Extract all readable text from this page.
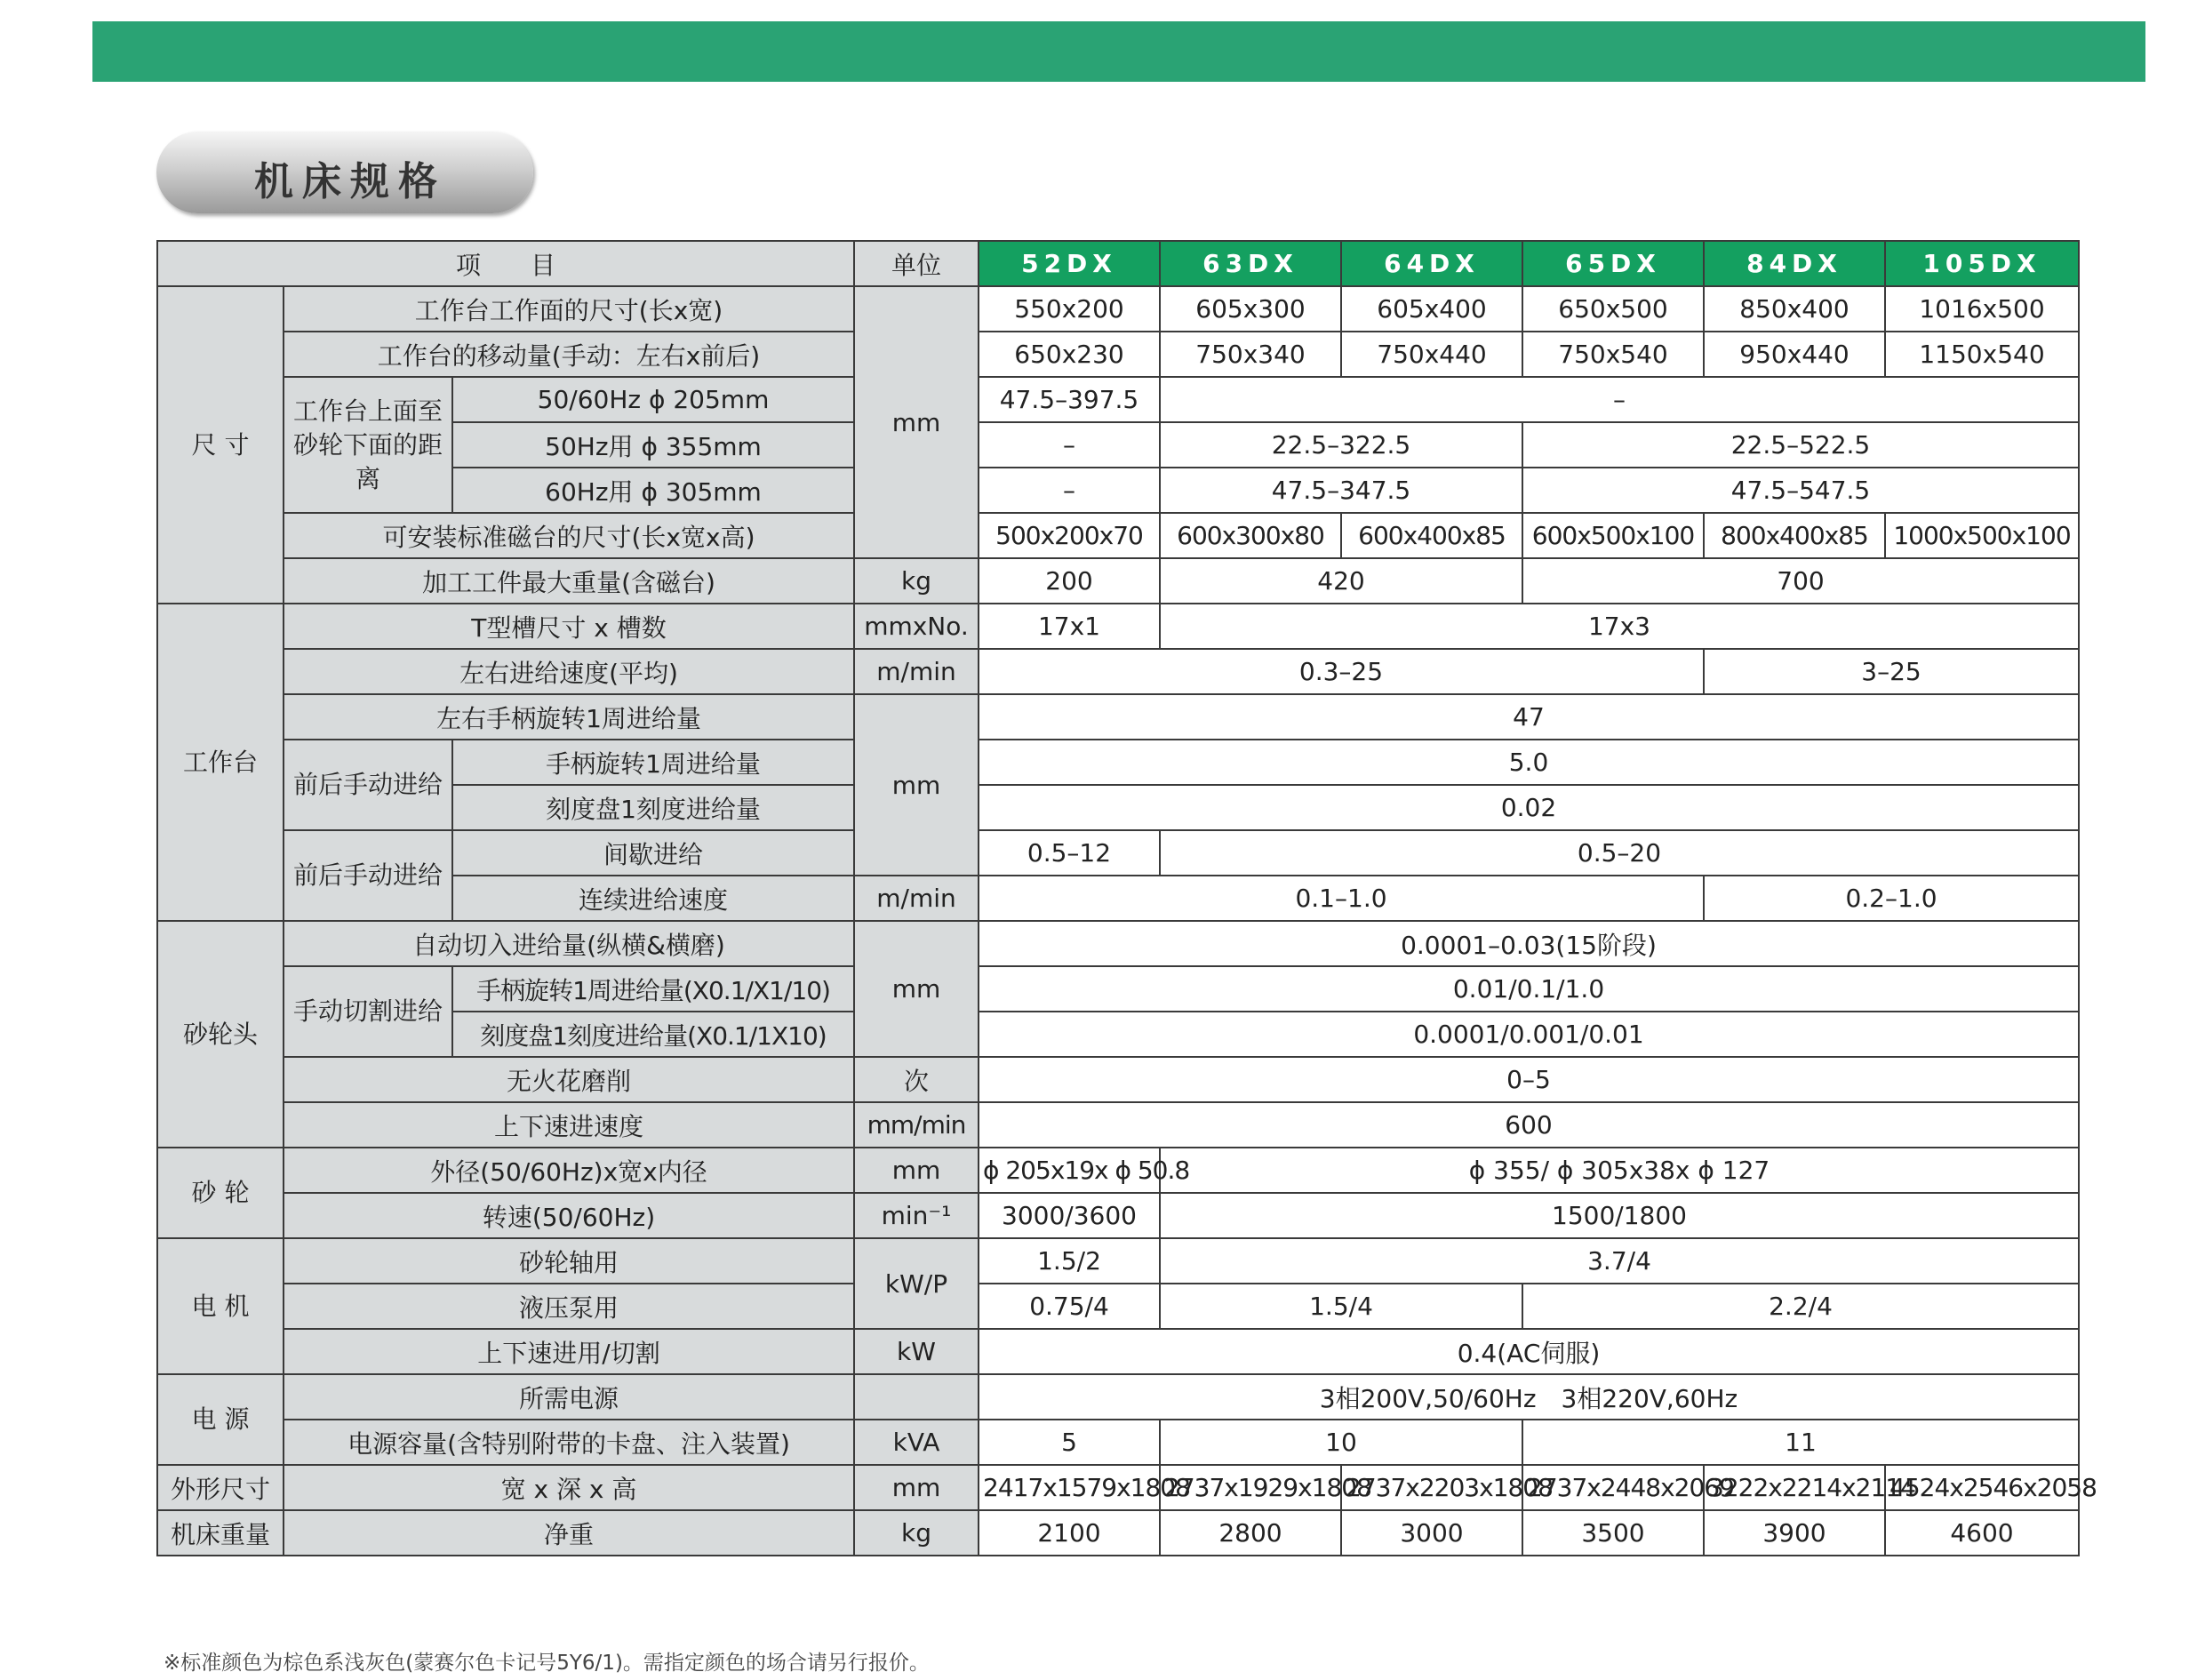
机床规格
项　　目			单位	52DX	63DX	64DX	65DX	84DX	105DX
尺 寸	工作台工作面的尺寸(长x宽)		mm	550x200	605x300	605x400	650x500	850x400	1016x500
	工作台的移动量(手动：左右x前后)			650x230	750x340	750x440	750x540	950x440	1150x540
	工作台上面至砂轮下面的距离	50/60Hz ϕ 205mm		47.5–397.5	–				
		50Hz用 ϕ 355mm		–	22.5–322.5		22.5–522.5		
		60Hz用 ϕ 305mm		–	47.5–347.5		47.5–547.5		
	可安装标准磁台的尺寸(长x宽x高)			500x200x70	600x300x80	600x400x85	600x500x100	800x400x85	1000x500x100
	加工工件最大重量(含磁台)		kg	200	420		700		
工作台	T型槽尺寸 x 槽数		mmxNo.	17x1	17x3				
	左右进给速度(平均)		m/min	0.3–25				3–25	
	左右手柄旋转1周进给量		mm	47					
	前后手动进给	手柄旋转1周进给量		5.0					
		刻度盘1刻度进给量		0.02					
	前后手动进给	间歇进给		0.5–12	0.5–20				
		连续进给速度	m/min	0.1–1.0				0.2–1.0	
砂轮头	自动切入进给量(纵横&横磨)		mm	0.0001–0.03(15阶段)					
	手动切割进给	手柄旋转1周进给量(X0.1/X1/10)		0.01/0.1/1.0					
		刻度盘1刻度进给量(X0.1/1X10)		0.0001/0.001/0.01					
	无火花磨削		次	0–5					
	上下速进速度		mm/min	600					
砂 轮	外径(50/60Hz)x宽x内径		mm	ϕ 205x19x ϕ 50.8	ϕ 355/ ϕ 305x38x ϕ 127				
	转速(50/60Hz)		min⁻¹	3000/3600	1500/1800				
电 机	砂轮轴用		kW/P	1.5/2	3.7/4				
	液压泵用			0.75/4	1.5/4		2.2/4		
	上下速进用/切割		kW	0.4(AC伺服)					
电 源	所需电源			3相200V,50/60Hz　3相220V,60Hz					
	电源容量(含特别附带的卡盘、注入装置)		kVA	5	10		11		
外形尺寸	宽 x 深 x 高		mm	2417x1579x1808	2737x1929x1808	2737x2203x1808	2737x2448x2069	3222x2214x2114	4524x2546x2058
机床重量	净重		kg	2100	2800	3000	3500	3900	4600
※标准颜色为棕色系浅灰色(蒙赛尔色卡记号5Y6/1)。需指定颜色的场合请另行报价。
